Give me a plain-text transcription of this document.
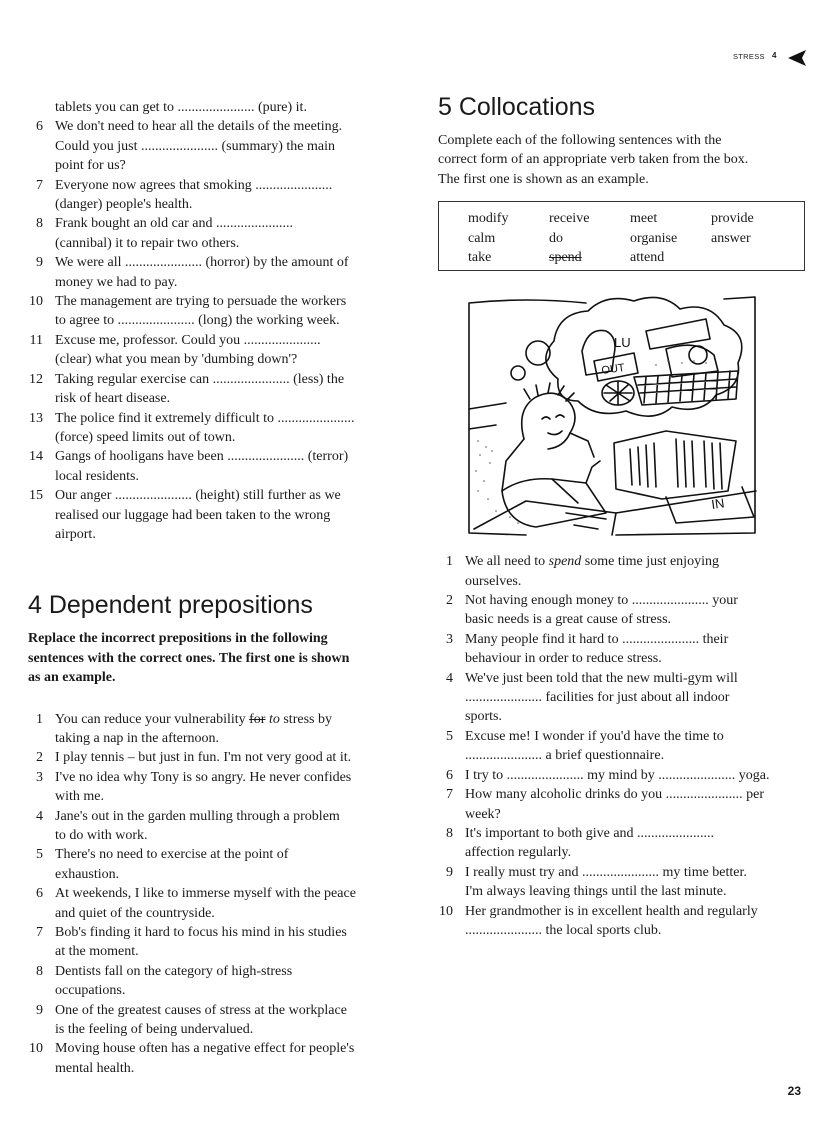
STRESS 4
tablets you can get to ...................... (pure) it.
6 We don't need to hear all the details of the meeting.
Could you just ...................... (summary) the main
point for us?
7 Everyone now agrees that smoking ......................
(danger) people's health.
8 Frank bought an old car and ......................
(cannibal) it to repair two others.
9 We were all ...................... (horror) by the amount of
money we had to pay.
10 The management are trying to persuade the workers
to agree to ...................... (long) the working week.
11 Excuse me, professor. Could you ......................
(clear) what you mean by 'dumbing down'?
12 Taking regular exercise can ...................... (less) the
risk of heart disease.
13 The police find it extremely difficult to ......................
(force) speed limits out of town.
14 Gangs of hooligans have been ...................... (terror)
local residents.
15 Our anger ...................... (height) still further as we
realised our luggage had been taken to the wrong
airport.
4 Dependent prepositions
Replace the incorrect prepositions in the following
sentences with the correct ones. The first one is shown
as an example.
1 You can reduce your vulnerability for to stress by
taking a nap in the afternoon.
2 I play tennis – but just in fun. I'm not very good at it.
3 I've no idea why Tony is so angry. He never confides
with me.
4 Jane's out in the garden mulling through a problem
to do with work.
5 There's no need to exercise at the point of
exhaustion.
6 At weekends, I like to immerse myself with the peace
and quiet of the countryside.
7 Bob's finding it hard to focus his mind in his studies
at the moment.
8 Dentists fall on the category of high-stress
occupations.
9 One of the greatest causes of stress at the workplace
is the feeling of being undervalued.
10 Moving house often has a negative effect for people's
mental health.
5 Collocations
Complete each of the following sentences with the
correct form of an appropriate verb taken from the box.
The first one is shown as an example.
modify
calm
take
receive
do
spend
meet
organise
attend
provide
answer
OUT
LU
IN
1 We all need to spend some time just enjoying
ourselves.
2 Not having enough money to ...................... your
basic needs is a great cause of stress.
3 Many people find it hard to ...................... their
behaviour in order to reduce stress.
4 We've just been told that the new multi-gym will
...................... facilities for just about all indoor
sports.
5 Excuse me! I wonder if you'd have the time to
...................... a brief questionnaire.
6 I try to ...................... my mind by ...................... yoga.
7 How many alcoholic drinks do you ...................... per
week?
8 It's important to both give and ......................
affection regularly.
9 I really must try and ...................... my time better.
I'm always leaving things until the last minute.
10 Her grandmother is in excellent health and regularly
...................... the local sports club.
23
